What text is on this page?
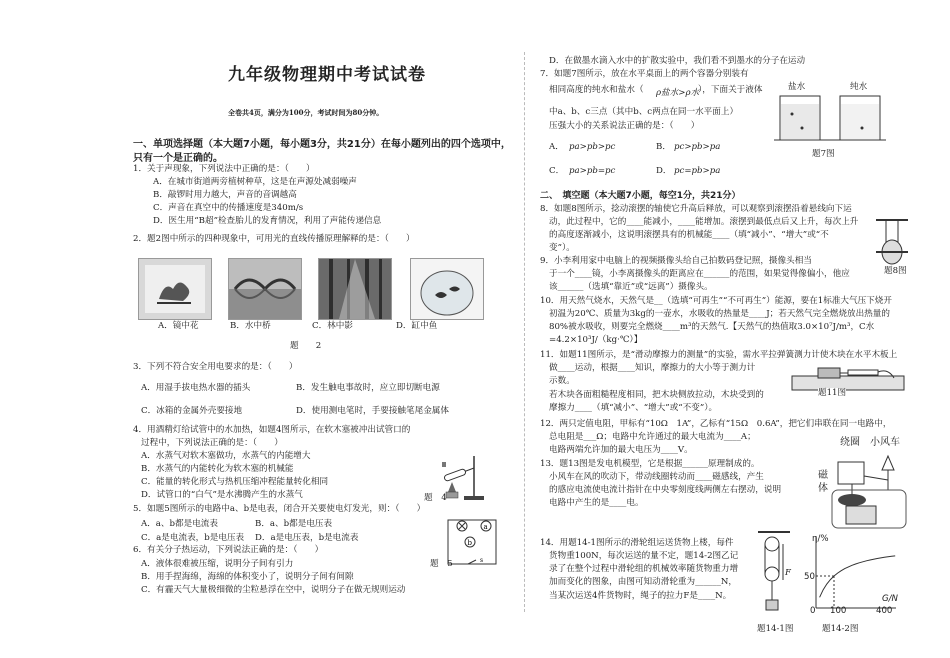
九年级物理期中考试试卷
全卷共4页，满分为100分，考试时间为80分钟。
一、单项选择题（本大题7小题，每小题3分，共21分）在每小题列出的四个选项中，
只有一个是正确的。
1．关于声现象，下列说法中正确的是：（　　）
A．在城市街道两旁植树种草，这是在声源处减弱噪声
B．敲锣时用力越大，声音的音调越高
C．声音在真空中的传播速度是340m/s
D．医生用“B超”检查胎儿的发育情况，利用了声能传递信息
2．题2图中所示的四种现象中，可用光的直线传播原理解释的是：（　　）
A．镜中花	B．水中桥	C．林中影	D．缸中鱼
题　　2
3．下列不符合安全用电要求的是：（　　）
A．用湿手拔电热水器的插头	B．发生触电事故时，应立即切断电源
C．冰箱的金属外壳要接地	D．使用测电笔时，手要接触笔尾金属体
4．用酒精灯给试管中的水加热，如题4图所示，在软木塞被冲出试管口的
过程中，下列说法正确的是：（　　）
A．水蒸气对软木塞做功，水蒸气的内能增大
B．水蒸气的内能转化为软木塞的机械能
C．能量的转化形式与热机压缩冲程能量转化相同
D．试管口的“白气”是水沸腾产生的水蒸气	题　4
5．如题5图所示的电路中a、b是电表，闭合开关要使电灯发光，则：（　　）
A．a、b都是电流表	B．a、b都是电压表
C．a是电流表，b是电压表 D．a是电压表，b是电流表
a
b
s
题　5
6．有关分子热运动，下列说法正确的是：（　　）
A．液体很难被压缩，说明分子间有引力
B．用手捏海绵，海绵的体积变小了，说明分子间有间隙
C．有霾天气大量极细微的尘粒悬浮在空中，说明分子在做无规则运动
D．在做墨水滴入水中的扩散实验中，我们看不到墨水的分子在运动
7．如题7图所示，放在水平桌面上的两个容器分别装有
相同高度的纯水和盐水（ ρ盐水>ρ水
），下面关于液体
中a、b、c三点（其中b、c两点在同一水平面上）
压强大小的关系说法正确的是：（　　）
A． pa>pb>pc	B． pc>pb>pa
C． pa>pb=pc	D． pc=pb>pa
盐水	纯水
题7图
二、　填空题（本大题7小题，每空1分，共21分）
8．如题8图所示，捻动滚摆的轴使它升高后释放，可以观察到滚摆沿着悬线向下运
动，此过程中，它的____能减小，____能增加。滚摆到最低点后又上升，每次上升
的高度逐渐减小，这说明滚摆具有的机械能____（填“减小”、“增大”或“不
变”）。
题8图
9．小李利用家中电脑上的视频摄像头给自己拍数码登记照，摄像头相当
于一个____镜，小李离摄像头的距离应在______的范围，如果觉得像偏小，他应
该______（选填“靠近”或“远离”）摄像头。
10．用天然气烧水，天然气是__（选填“可再生”“不可再生”）能源，要在1标准大气压下烧开
初温为20℃、质量为3kg的一壶水，水吸收的热量是____J；若天然气完全燃烧放出热量的
80%被水吸收，则要完全燃烧____m³的天然气.【天然气的热值取3.0×10⁷J/m³，C水
=4.2×10³J/（kg·℃）】
11．如题11图所示，是“滑动摩擦力的测量”的实验，需水平拉弹簧测力计使木块在水平木板上
做____运动，根据____知识，摩擦力的大小等于测力计
示数。
若木块各面粗糙程度相同，把木块侧放拉动，木块受到的
摩擦力____（填“减小”、“增大”或“不变”）。
题11图
12．两只定值电阻，甲标有“10Ω　1A”，乙标有“15Ω　0.6A”，把它们串联在同一电路中，
总电阻是___Ω；电路中允许通过的最大电流为____A；
电路两端允许加的最大电压为____V。
13．题13图是发电机模型，它是根据______原理制成的。
小风车在风的吹动下，带动线圈转动而____磁感线，产生
的感应电流使电流计指针在中央零刻度线两侧左右摆动，说明
电路中产生的是____电。
绕圈 小风车
磁
体
14．用题14-1图所示的滑轮组运送货物上楼，每件
货物重100N，每次运送的量不定，题14-2图乙记
录了在整个过程中滑轮组的机械效率随货物重力增
加而变化的图象，由图可知动滑轮重为______N，
当某次运送4件货物时，绳子的拉力F是____N。
F
题14-1图
η/%
50
0 100	400
G/N
题14-2图
